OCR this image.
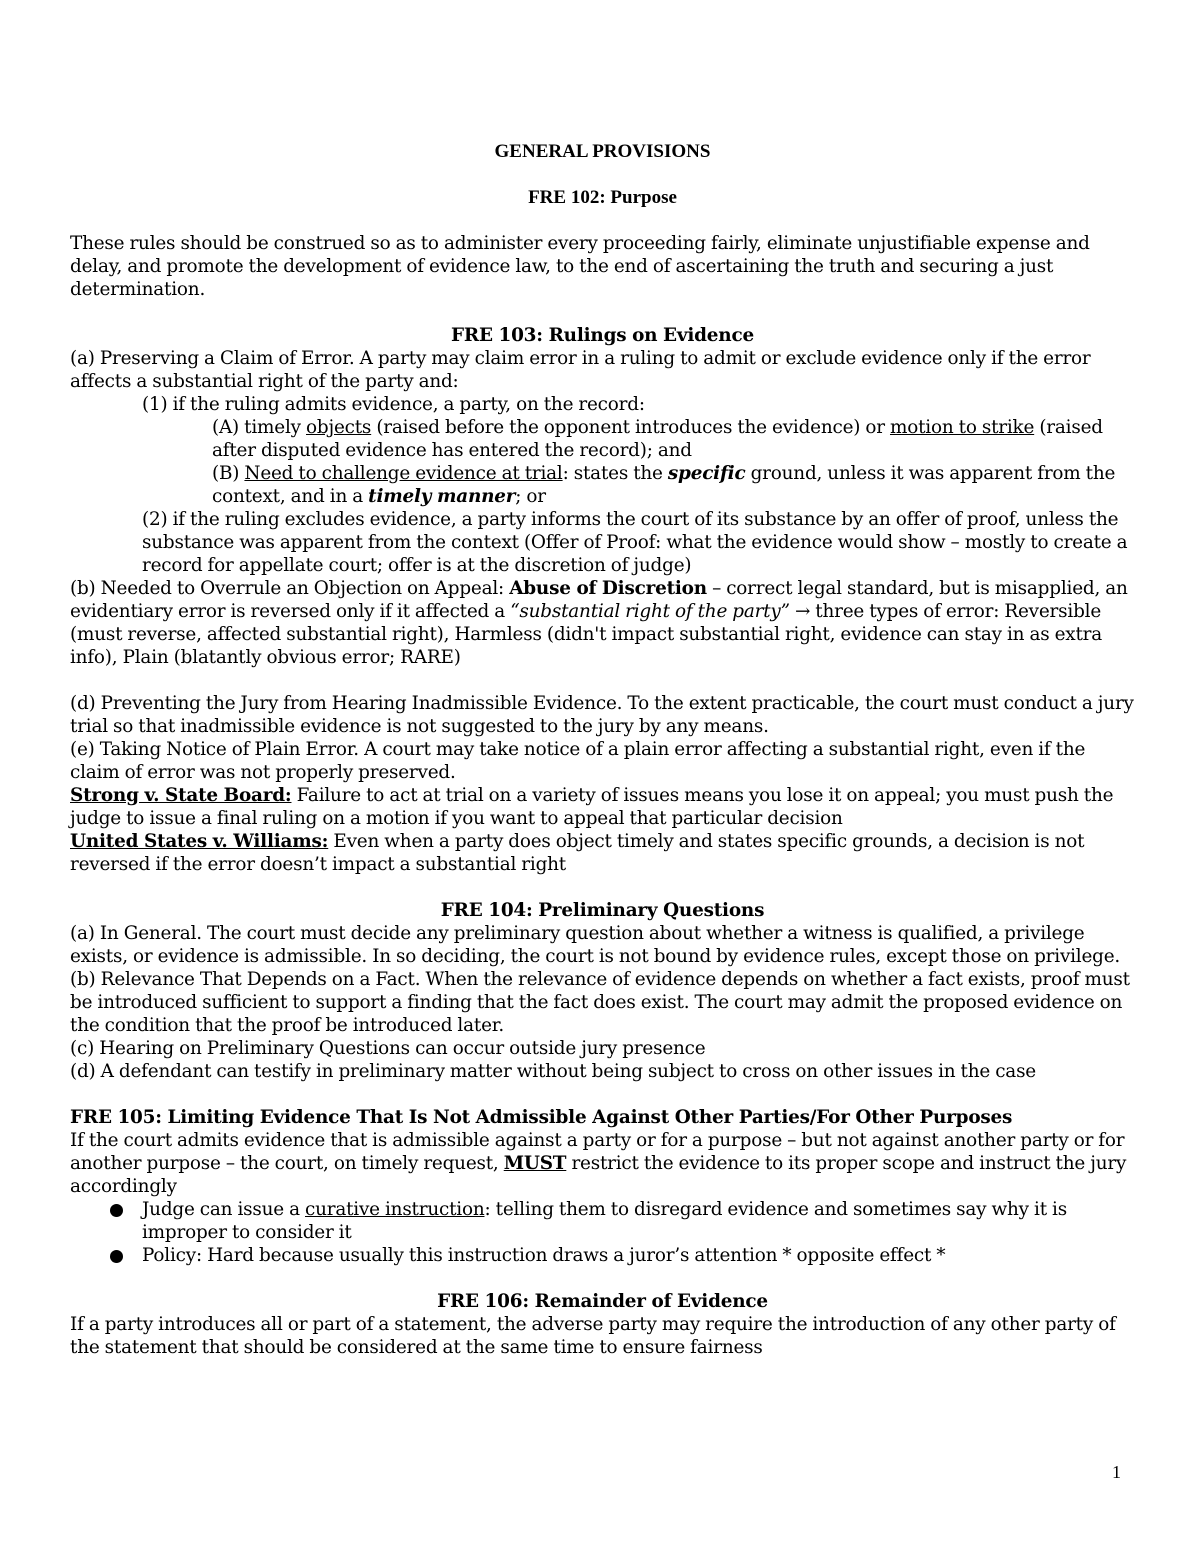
GENERAL PROVISIONS

FRE 102: Purpose

These rules should be construed so as to administer every proceeding fairly, eliminate unjustifiable expense and delay, and promote the development of evidence law, to the end of ascertaining the truth and securing a just determination.

FRE 103: Rulings on Evidence

(a) Preserving a Claim of Error. A party may claim error in a ruling to admit or exclude evidence only if the error affects a substantial right of the party and:

(1) if the ruling admits evidence, a party, on the record:

(A) timely objects (raised before the opponent introduces the evidence) or motion to strike (raised after disputed evidence has entered the record); and

(B) Need to challenge evidence at trial: states the specific ground, unless it was apparent from the context, and in a timely manner; or

(2) if the ruling excludes evidence, a party informs the court of its substance by an offer of proof, unless the substance was apparent from the context (Offer of Proof: what the evidence would show – mostly to create a record for appellate court; offer is at the discretion of judge)

(b) Needed to Overrule an Objection on Appeal: Abuse of Discretion – correct legal standard, but is misapplied, an evidentiary error is reversed only if it affected a “substantial right of the party” → three types of error: Reversible (must reverse, affected substantial right), Harmless (didn't impact substantial right, evidence can stay in as extra info), Plain (blatantly obvious error; RARE)

(d) Preventing the Jury from Hearing Inadmissible Evidence. To the extent practicable, the court must conduct a jury trial so that inadmissible evidence is not suggested to the jury by any means.

(e) Taking Notice of Plain Error. A court may take notice of a plain error affecting a substantial right, even if the claim of error was not properly preserved.

Strong v. State Board: Failure to act at trial on a variety of issues means you lose it on appeal; you must push the judge to issue a final ruling on a motion if you want to appeal that particular decision

United States v. Williams: Even when a party does object timely and states specific grounds, a decision is not reversed if the error doesn’t impact a substantial right

FRE 104: Preliminary Questions

(a) In General. The court must decide any preliminary question about whether a witness is qualified, a privilege exists, or evidence is admissible. In so deciding, the court is not bound by evidence rules, except those on privilege.

(b) Relevance That Depends on a Fact. When the relevance of evidence depends on whether a fact exists, proof must be introduced sufficient to support a finding that the fact does exist. The court may admit the proposed evidence on the condition that the proof be introduced later.

(c) Hearing on Preliminary Questions can occur outside jury presence

(d) A defendant can testify in preliminary matter without being subject to cross on other issues in the case

FRE 105: Limiting Evidence That Is Not Admissible Against Other Parties/For Other Purposes

If the court admits evidence that is admissible against a party or for a purpose – but not against another party or for another purpose – the court, on timely request, MUST restrict the evidence to its proper scope and instruct the jury accordingly

Judge can issue a curative instruction: telling them to disregard evidence and sometimes say why it is improper to consider it
Policy: Hard because usually this instruction draws a juror’s attention * opposite effect *

FRE 106: Remainder of Evidence

If a party introduces all or part of a statement, the adverse party may require the introduction of any other party of the statement that should be considered at the same time to ensure fairness

1
